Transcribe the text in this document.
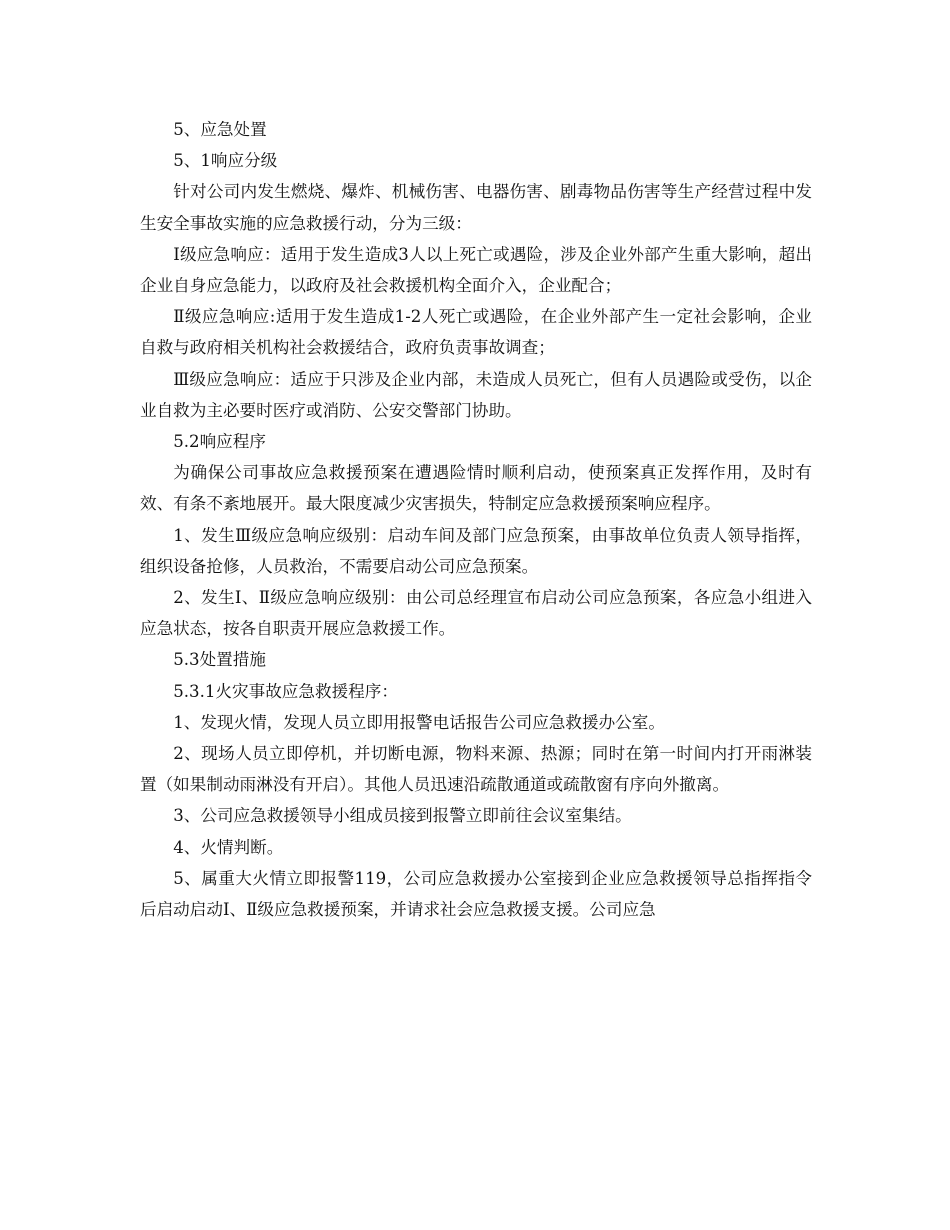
5、应急处置

5、1响应分级

针对公司内发生燃烧、爆炸、机械伤害、电器伤害、剧毒物品伤害等生产经营过程中发生安全事故实施的应急救援行动，分为三级：

Ⅰ级应急响应：适用于发生造成3人以上死亡或遇险，涉及企业外部产生重大影响，超出企业自身应急能力，以政府及社会救援机构全面介入，企业配合；

Ⅱ级应急响应:适用于发生造成1-2人死亡或遇险，在企业外部产生一定社会影响，企业自救与政府相关机构社会救援结合，政府负责事故调查；

Ⅲ级应急响应：适应于只涉及企业内部，未造成人员死亡，但有人员遇险或受伤，以企业自救为主必要时医疗或消防、公安交警部门协助。

5.2响应程序

为确保公司事故应急救援预案在遭遇险情时顺利启动，使预案真正发挥作用，及时有效、有条不紊地展开。最大限度减少灾害损失，特制定应急救援预案响应程序。

1、发生Ⅲ级应急响应级别：启动车间及部门应急预案，由事故单位负责人领导指挥，组织设备抢修，人员救治，不需要启动公司应急预案。

2、发生Ⅰ、Ⅱ级应急响应级别：由公司总经理宣布启动公司应急预案，各应急小组进入应急状态，按各自职责开展应急救援工作。

5.3处置措施

5.3.1火灾事故应急救援程序：

1、发现火情，发现人员立即用报警电话报告公司应急救援办公室。

2、现场人员立即停机，并切断电源，物料来源、热源；同时在第一时间内打开雨淋装置（如果制动雨淋没有开启）。其他人员迅速沿疏散通道或疏散窗有序向外撤离。

3、公司应急救援领导小组成员接到报警立即前往会议室集结。

4、火情判断。

5、属重大火情立即报警119，公司应急救援办公室接到企业应急救援领导总指挥指令后启动启动Ⅰ、Ⅱ级应急救援预案，并请求社会应急救援支援。公司应急
